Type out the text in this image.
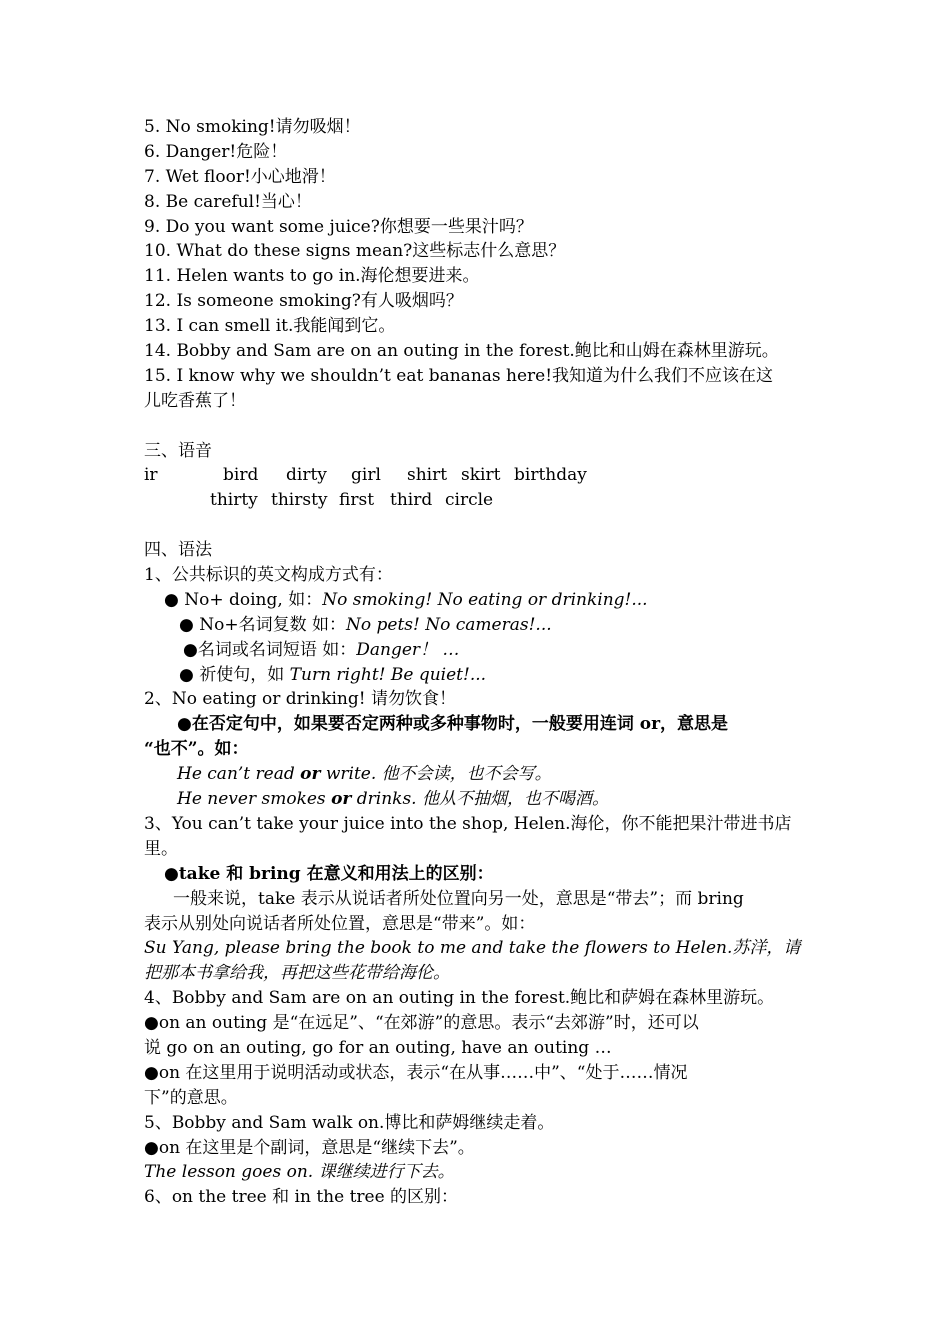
5. No smoking!请勿吸烟！
6. Danger!危险！
7. Wet floor!小心地滑！
8. Be careful!当心！
9. Do you want some juice?你想要一些果汁吗？
10. What do these signs mean?这些标志什么意思？
11. Helen wants to go in.海伦想要进来。
12. Is someone smoking?有人吸烟吗？
13. I can smell it.我能闻到它。
14. Bobby and Sam are on an outing in the forest.鲍比和山姆在森林里游玩。
15. I know why we shouldn’t eat bananas here!我知道为什么我们不应该在这
儿吃香蕉了！
三、语音
ir	bird dirty girl shirt skirt birthday
thirty thirsty first third circle
四、语法
1、公共标识的英文构成方式有：
● No+ doing, 如：No smoking! No eating or drinking!...
● No+名词复数 如：No pets! No cameras!...
●名词或名词短语 如：Danger！ …
● 祈使句，如 Turn right! Be quiet!...
2、No eating or drinking! 请勿饮食！
●在否定句中，如果要否定两种或多种事物时，一般要用连词 or，意思是
“也不”。如：
He can’t read or write. 他不会读，也不会写。
He never smokes or drinks. 他从不抽烟，也不喝酒。
3、You can’t take your juice into the shop, Helen.海伦，你不能把果汁带进书店
里。
●take 和 bring 在意义和用法上的区别：
一般来说，take 表示从说话者所处位置向另一处，意思是“带去”；而 bring
表示从别处向说话者所处位置，意思是“带来”。如：
Su Yang, please bring the book to me and take the flowers to Helen.苏洋，请
把那本书拿给我，再把这些花带给海伦。
4、Bobby and Sam are on an outing in the forest.鲍比和萨姆在森林里游玩。
●on an outing 是“在远足”、“在郊游”的意思。表示“去郊游”时，还可以
说 go on an outing, go for an outing, have an outing …
●on 在这里用于说明活动或状态，表示“在从事……中”、“处于……情况
下”的意思。
5、Bobby and Sam walk on.博比和萨姆继续走着。
●on 在这里是个副词，意思是“继续下去”。
The lesson goes on. 课继续进行下去。
6、on the tree 和 in the tree 的区别：
